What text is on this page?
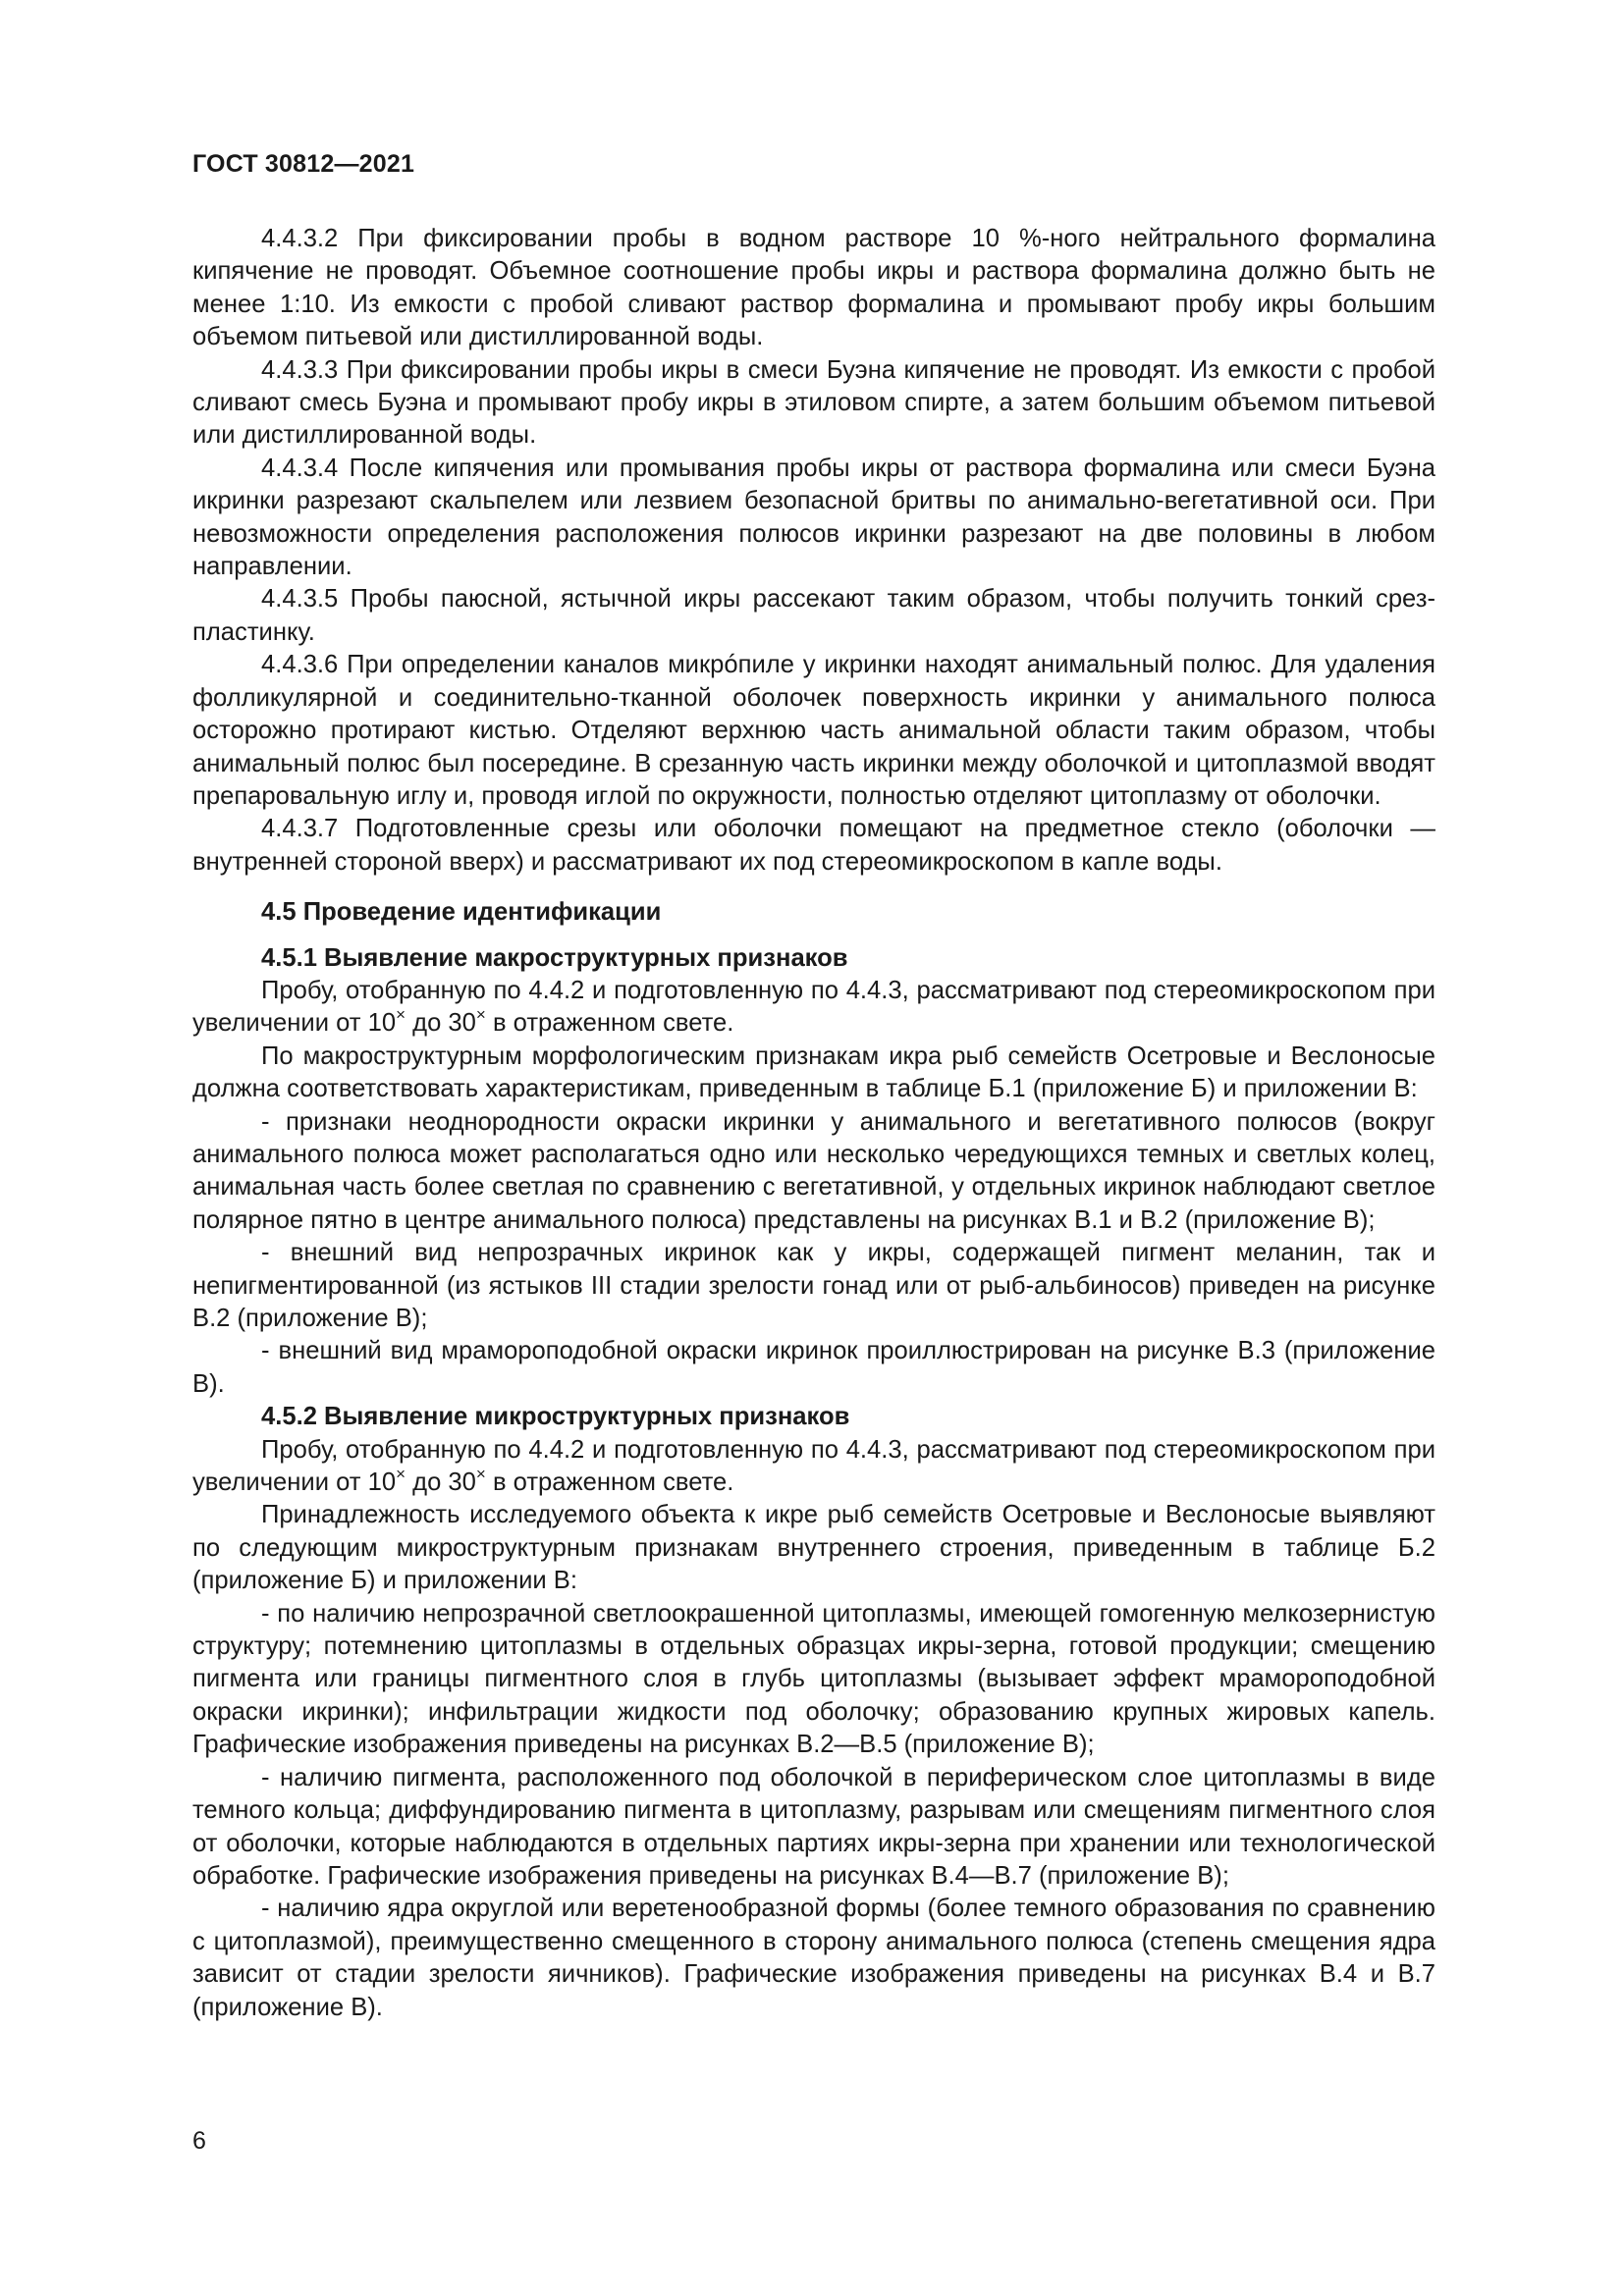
ГОСТ 30812—2021

4.4.3.2 При фиксировании пробы в водном растворе 10 %-ного нейтрального формалина кипячение не проводят. Объемное соотношение пробы икры и раствора формалина должно быть не менее 1:10. Из емкости с пробой сливают раствор формалина и промывают пробу икры большим объемом питьевой или дистиллированной воды.

4.4.3.3 При фиксировании пробы икры в смеси Буэна кипячение не проводят. Из емкости с пробой сливают смесь Буэна и промывают пробу икры в этиловом спирте, а затем большим объемом питьевой или дистиллированной воды.

4.4.3.4 После кипячения или промывания пробы икры от раствора формалина или смеси Буэна икринки разрезают скальпелем или лезвием безопасной бритвы по анимально-вегетативной оси. При невозможности определения расположения полюсов икринки разрезают на две половины в любом направлении.

4.4.3.5 Пробы паюсной, ястычной икры рассекают таким образом, чтобы получить тонкий срез-пластинку.

4.4.3.6 При определении каналов микрóпиле у икринки находят анимальный полюс. Для удаления фолликулярной и соединительно-тканной оболочек поверхность икринки у анимального полюса осторожно протирают кистью. Отделяют верхнюю часть анимальной области таким образом, чтобы анимальный полюс был посередине. В срезанную часть икринки между оболочкой и цитоплазмой вводят препаровальную иглу и, проводя иглой по окружности, полностью отделяют цитоплазму от оболочки.

4.4.3.7 Подготовленные срезы или оболочки помещают на предметное стекло (оболочки — внутренней стороной вверх) и рассматривают их под стереомикроскопом в капле воды.

4.5 Проведение идентификации
4.5.1 Выявление макроструктурных признаков

Пробу, отобранную по 4.4.2 и подготовленную по 4.4.3, рассматривают под стереомикроскопом при увеличении от 10× до 30× в отраженном свете.

По макроструктурным морфологическим признакам икра рыб семейств Осетровые и Веслоносые должна соответствовать характеристикам, приведенным в таблице Б.1 (приложение Б) и приложении В:

- признаки неоднородности окраски икринки у анимального и вегетативного полюсов (вокруг анимального полюса может располагаться одно или несколько чередующихся темных и светлых колец, анимальная часть более светлая по сравнению с вегетативной, у отдельных икринок наблюдают светлое полярное пятно в центре анимального полюса) представлены на рисунках В.1 и В.2 (приложение В);

- внешний вид непрозрачных икринок как у икры, содержащей пигмент меланин, так и непигментированной (из ястыков III стадии зрелости гонад или от рыб-альбиносов) приведен на рисунке В.2 (приложение В);

- внешний вид мрамороподобной окраски икринок проиллюстрирован на рисунке В.3 (приложение В).

4.5.2 Выявление микроструктурных признаков

Пробу, отобранную по 4.4.2 и подготовленную по 4.4.3, рассматривают под стереомикроскопом при увеличении от 10× до 30× в отраженном свете.

Принадлежность исследуемого объекта к икре рыб семейств Осетровые и Веслоносые выявляют по следующим микроструктурным признакам внутреннего строения, приведенным в таблице Б.2 (приложение Б) и приложении В:

- по наличию непрозрачной светлоокрашенной цитоплазмы, имеющей гомогенную мелкозернистую структуру; потемнению цитоплазмы в отдельных образцах икры-зерна, готовой продукции; смещению пигмента или границы пигментного слоя в глубь цитоплазмы (вызывает эффект мрамороподобной окраски икринки); инфильтрации жидкости под оболочку; образованию крупных жировых капель. Графические изображения приведены на рисунках В.2—В.5 (приложение В);

- наличию пигмента, расположенного под оболочкой в периферическом слое цитоплазмы в виде темного кольца; диффундированию пигмента в цитоплазму, разрывам или смещениям пигментного слоя от оболочки, которые наблюдаются в отдельных партиях икры-зерна при хранении или технологической обработке. Графические изображения приведены на рисунках В.4—В.7 (приложение В);

- наличию ядра округлой или веретенообразной формы (более темного образования по сравнению с цитоплазмой), преимущественно смещенного в сторону анимального полюса (степень смещения ядра зависит от стадии зрелости яичников). Графические изображения приведены на рисунках В.4 и В.7 (приложение В).

6
